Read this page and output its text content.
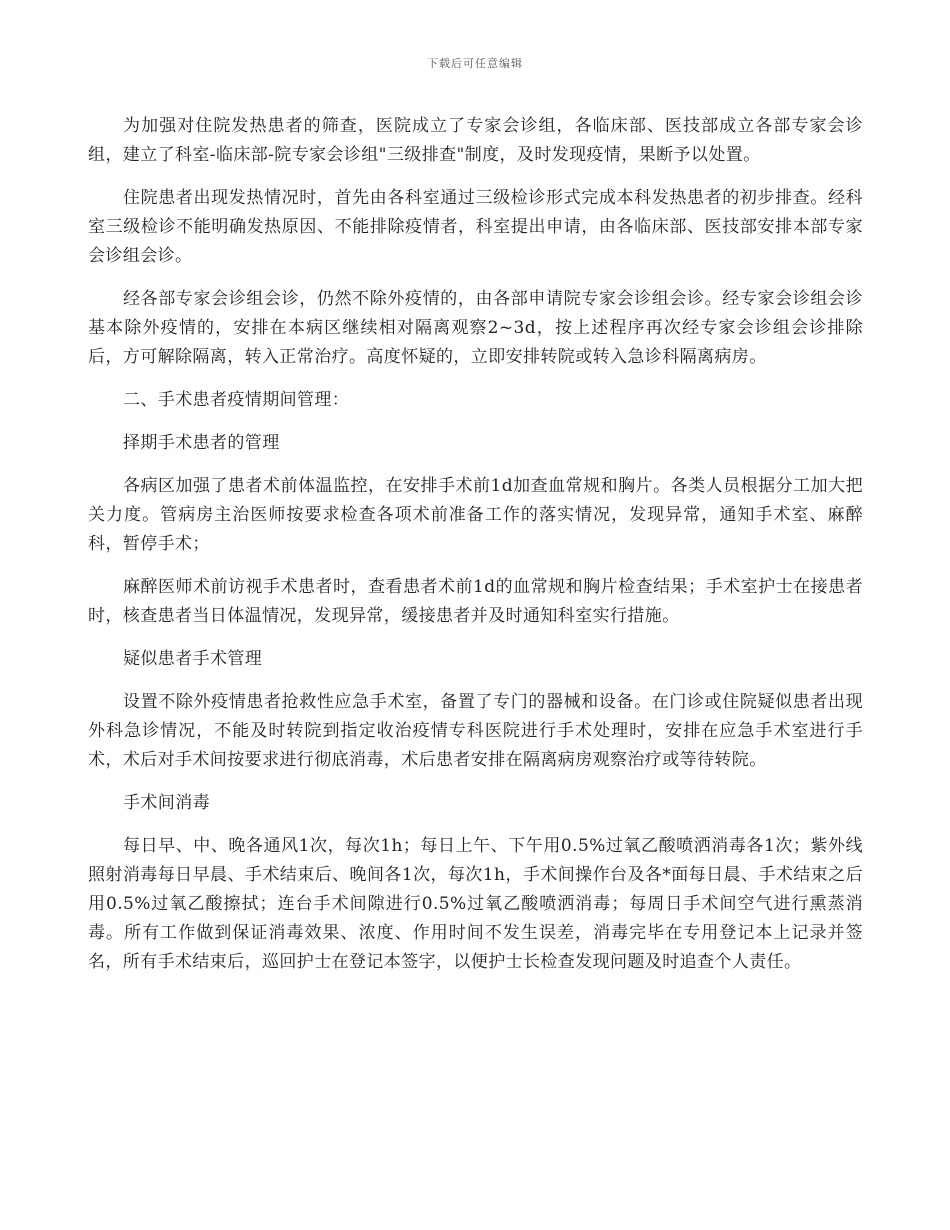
下载后可任意编辑

为加强对住院发热患者的筛查，医院成立了专家会诊组，各临床部、医技部成立各部专家会诊组，建立了科室-临床部-院专家会诊组"三级排查"制度，及时发现疫情，果断予以处置。

住院患者出现发热情况时，首先由各科室通过三级检诊形式完成本科发热患者的初步排查。经科室三级检诊不能明确发热原因、不能排除疫情者，科室提出申请，由各临床部、医技部安排本部专家会诊组会诊。

经各部专家会诊组会诊，仍然不除外疫情的，由各部申请院专家会诊组会诊。经专家会诊组会诊基本除外疫情的，安排在本病区继续相对隔离观察2~3d，按上述程序再次经专家会诊组会诊排除后，方可解除隔离，转入正常治疗。高度怀疑的，立即安排转院或转入急诊科隔离病房。

二、手术患者疫情期间管理：

择期手术患者的管理

各病区加强了患者术前体温监控，在安排手术前1d加查血常规和胸片。各类人员根据分工加大把关力度。管病房主治医师按要求检查各项术前准备工作的落实情况，发现异常，通知手术室、麻醉科，暂停手术；

麻醉医师术前访视手术患者时，查看患者术前1d的血常规和胸片检查结果；手术室护士在接患者时，核查患者当日体温情况，发现异常，缓接患者并及时通知科室实行措施。

疑似患者手术管理

设置不除外疫情患者抢救性应急手术室，备置了专门的器械和设备。在门诊或住院疑似患者出现外科急诊情况，不能及时转院到指定收治疫情专科医院进行手术处理时，安排在应急手术室进行手术，术后对手术间按要求进行彻底消毒，术后患者安排在隔离病房观察治疗或等待转院。

手术间消毒

每日早、中、晚各通风1次，每次1h；每日上午、下午用0.5%过氧乙酸喷洒消毒各1次；紫外线照射消毒每日早晨、手术结束后、晚间各1次，每次1h，手术间操作台及各*面每日晨、手术结束之后用0.5%过氧乙酸擦拭；连台手术间隙进行0.5%过氧乙酸喷洒消毒；每周日手术间空气进行熏蒸消毒。所有工作做到保证消毒效果、浓度、作用时间不发生误差，消毒完毕在专用登记本上记录并签名，所有手术结束后，巡回护士在登记本签字，以便护士长检查发现问题及时追查个人责任。
